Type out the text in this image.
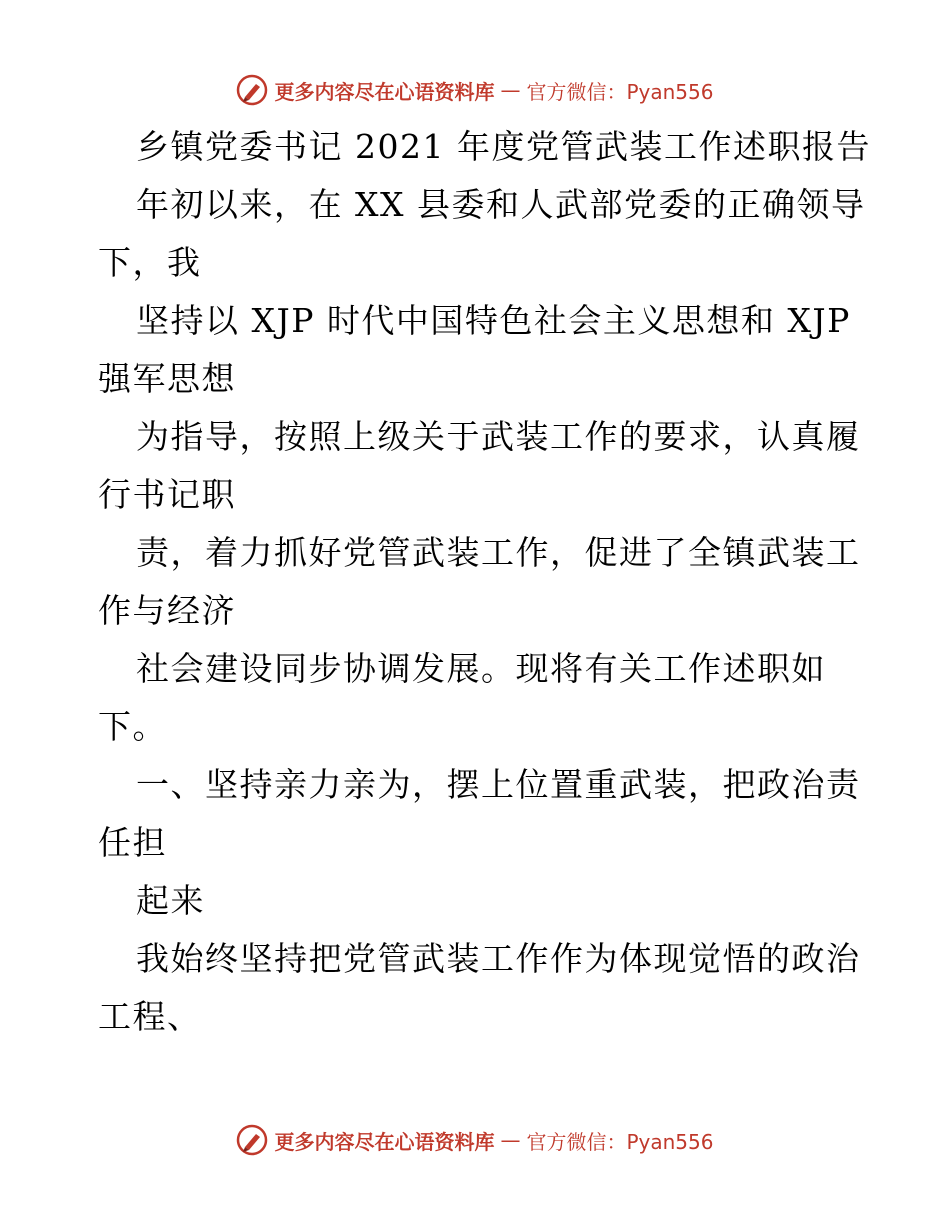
更多内容尽在心语资料库 — 官方微信：Pyan556
乡镇党委书记 2021 年度党管武装工作述职报告
年初以来，在 XX 县委和人武部党委的正确领导
下，我
坚持以 XJP 时代中国特色社会主义思想和 XJP
强军思想
为指导，按照上级关于武装工作的要求，认真履
行书记职
责，着力抓好党管武装工作，促进了全镇武装工
作与经济
社会建设同步协调发展。现将有关工作述职如
下。
一、坚持亲力亲为，摆上位置重武装，把政治责
任担
起来
我始终坚持把党管武装工作作为体现觉悟的政治
工程、
更多内容尽在心语资料库 — 官方微信：Pyan556
